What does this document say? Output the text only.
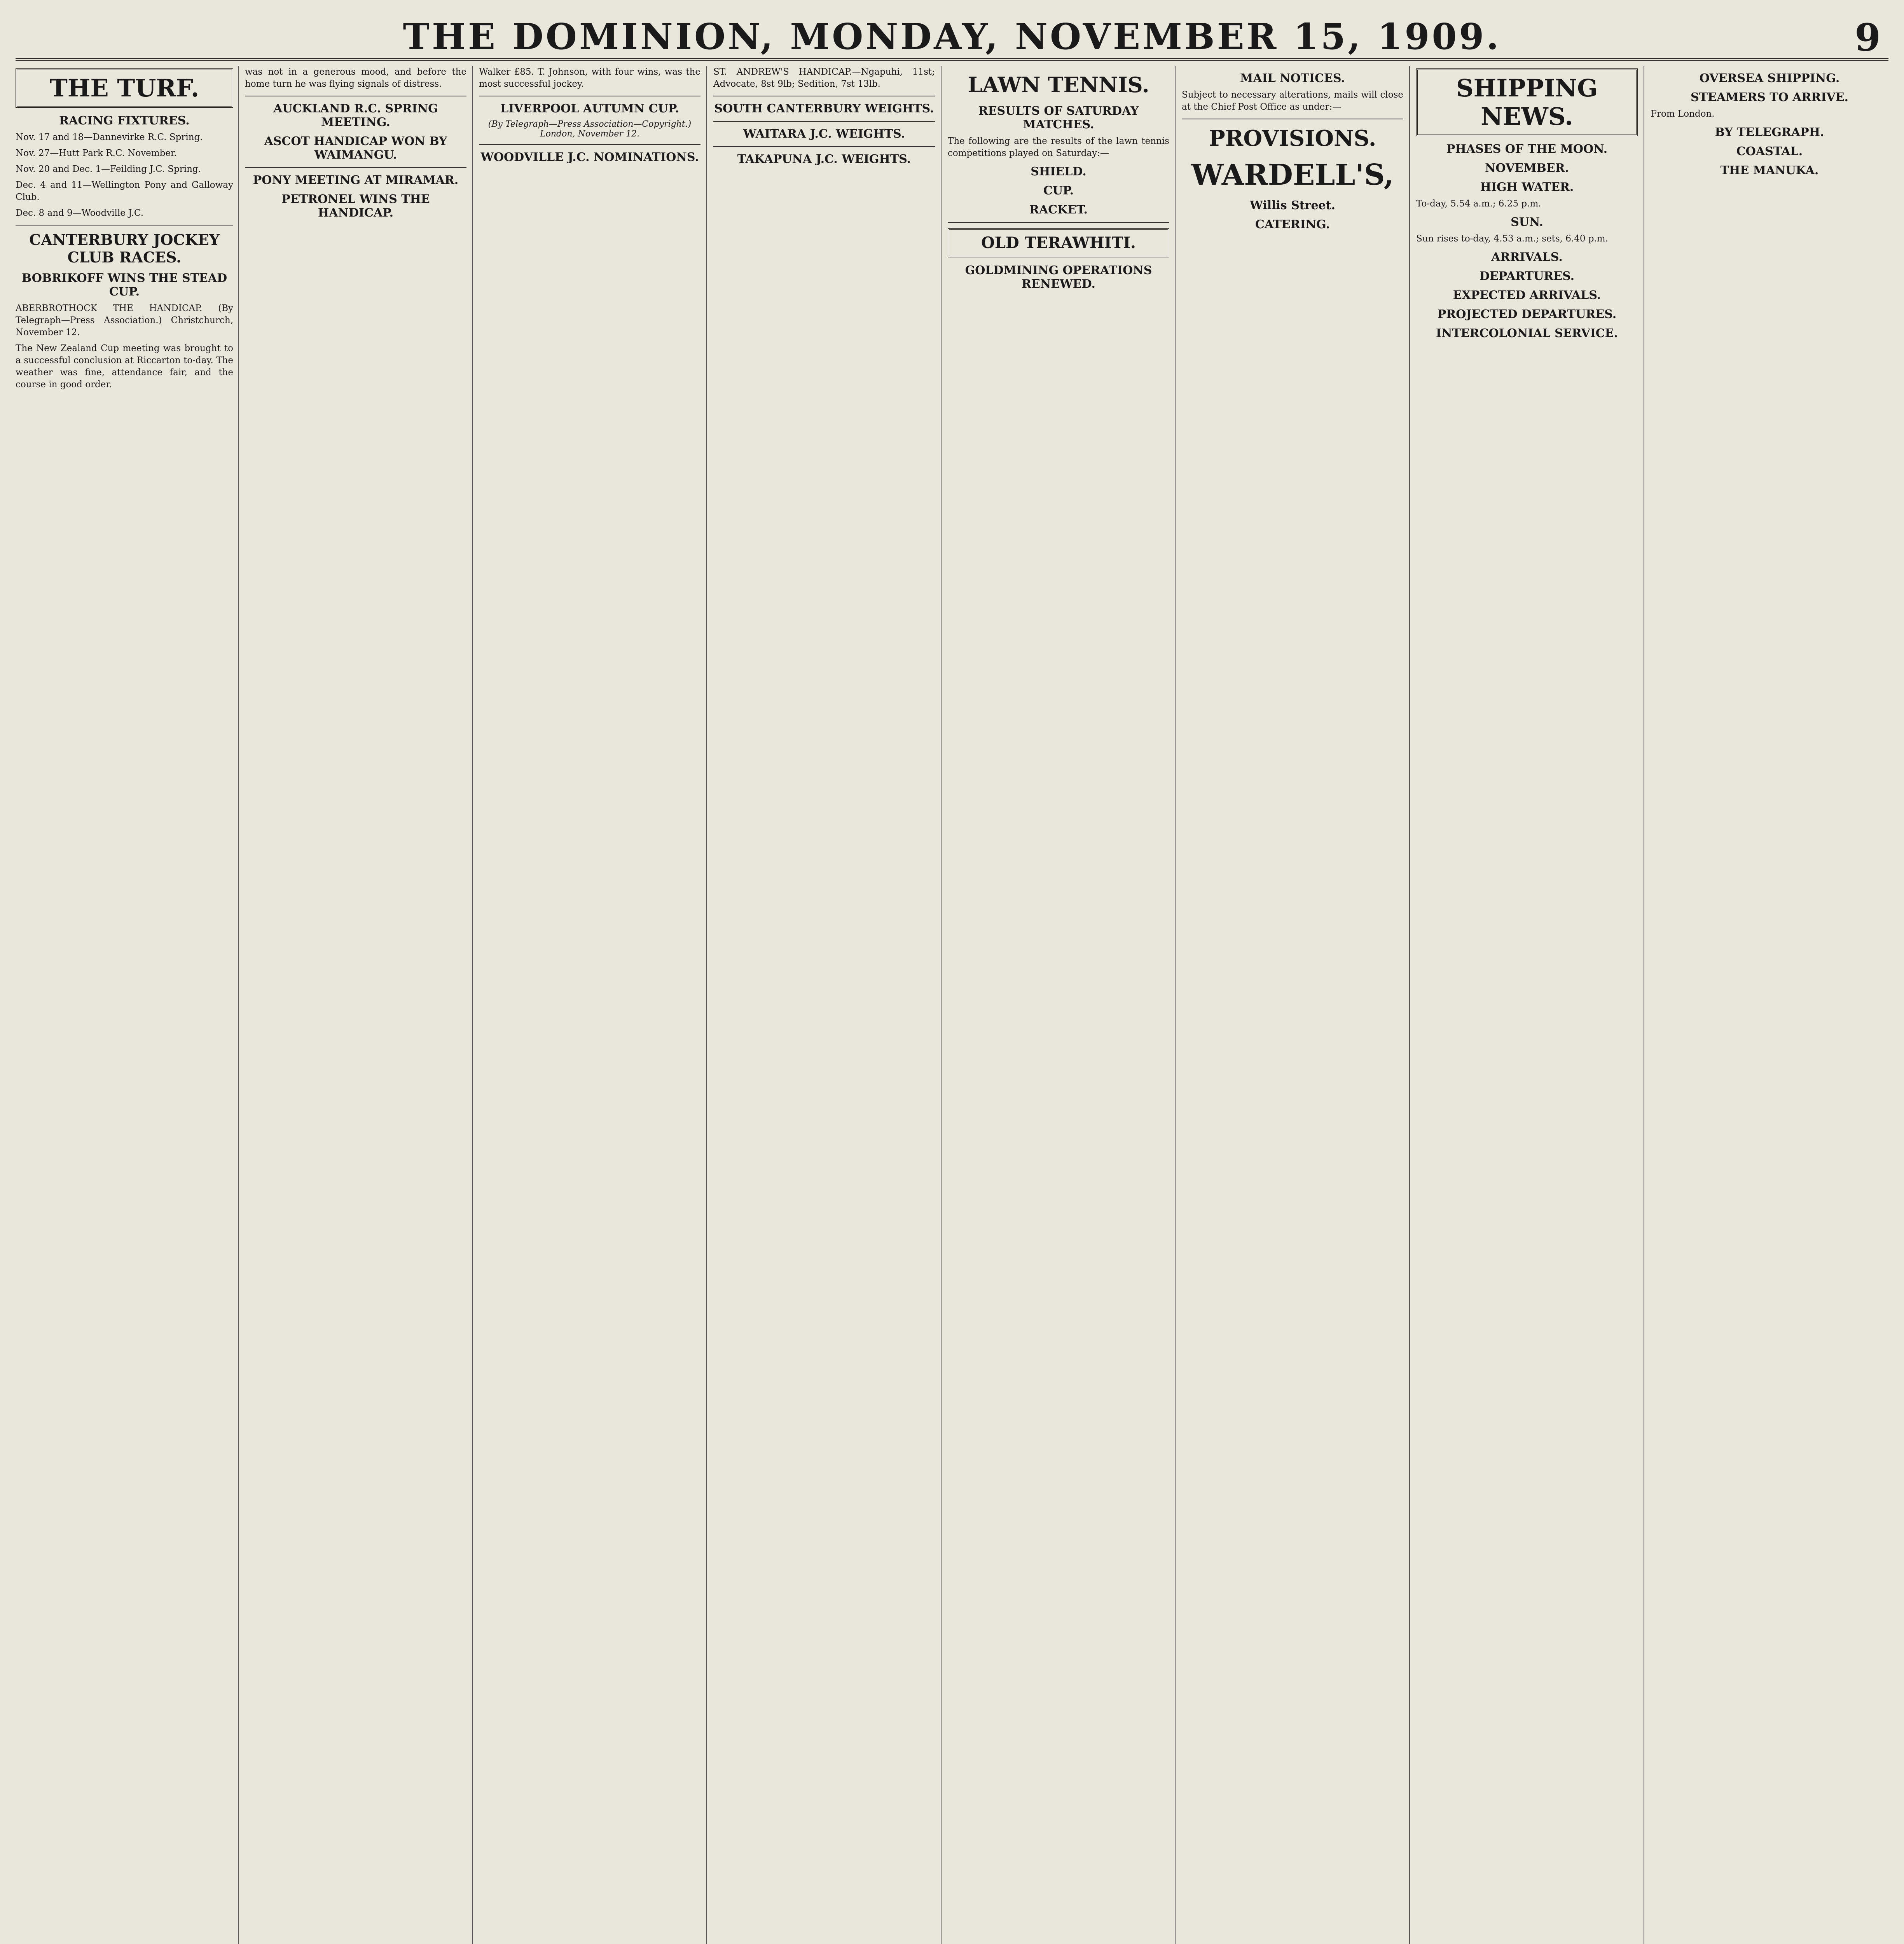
THE DOMINION, MONDAY, NOVEMBER 15, 1909.	9
THE TURF.
RACING FIXTURES.

Nov. 17 and 18—Dannevirke R.C. Spring.

Nov. 27—Hutt Park R.C. November.

Nov. 20 and Dec. 1—Feilding J.C. Spring.

Dec. 4 and 11—Wellington Pony and Galloway Club.

Dec. 8 and 9—Woodville J.C.

CANTERBURY JOCKEY CLUB RACES.
BOBRIKOFF WINS THE STEAD CUP.

ABERBROTHOCK THE HANDICAP. (By Telegraph—Press Association.) Christchurch, November 12.

The New Zealand Cup meeting was brought to a successful conclusion at Riccarton to-day. The weather was fine, attendance fair, and the course in good order.

was not in a generous mood, and before the home turn he was flying signals of distress.

AUCKLAND R.C. SPRING MEETING.
ASCOT HANDICAP WON BY WAIMANGU.
PONY MEETING AT MIRAMAR.
PETRONEL WINS THE HANDICAP.

Walker £85. T. Johnson, with four wins, was the most successful jockey.

LIVERPOOL AUTUMN CUP.
(By Telegraph—Press Association—Copyright.) London, November 12.
WOODVILLE J.C. NOMINATIONS.

ST. ANDREW'S HANDICAP.—Ngapuhi, 11st; Advocate, 8st 9lb; Sedition, 7st 13lb.

SOUTH CANTERBURY WEIGHTS.
WAITARA J.C. WEIGHTS.
TAKAPUNA J.C. WEIGHTS.
LAWN TENNIS.
RESULTS OF SATURDAY MATCHES.

The following are the results of the lawn tennis competitions played on Saturday:—

SHIELD.
CUP.
RACKET.
OLD TERAWHITI.
GOLDMINING OPERATIONS RENEWED.
MAIL NOTICES.

Subject to necessary alterations, mails will close at the Chief Post Office as under:—

PROVISIONS.
WARDELL'S,
Willis Street.
CATERING.
SHIPPING NEWS.
PHASES OF THE MOON.
NOVEMBER.
HIGH WATER.

To-day, 5.54 a.m.; 6.25 p.m.

SUN.

Sun rises to-day, 4.53 a.m.; sets, 6.40 p.m.

ARRIVALS.
DEPARTURES.
EXPECTED ARRIVALS.
PROJECTED DEPARTURES.
INTERCOLONIAL SERVICE.
OVERSEA SHIPPING.
STEAMERS TO ARRIVE.

From London.

BY TELEGRAPH.
COASTAL.
THE MANUKA.
